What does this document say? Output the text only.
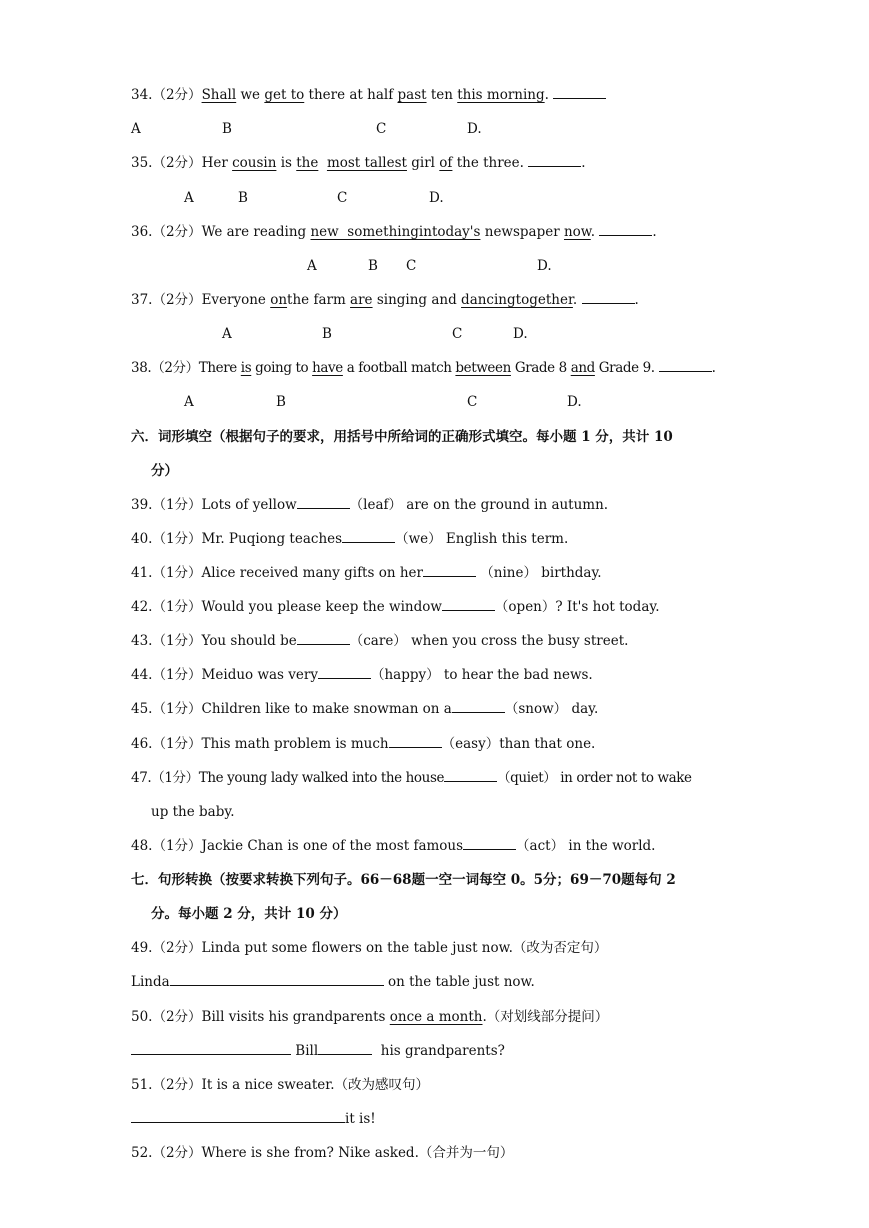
34.（2分）Shall we get to there at half past ten this morning.
A	B	C	D.
35.（2分）Her cousin is the most tallest girl of the three.	.
A	B	C	D.
36.（2分）We are reading new  somethingintoday's newspaper now.	.
A	B C	D.
37.（2分）Everyone onthe farm are singing and dancingtogether.	.
A	B	C	D.
38.（2分）There is going to have a football match between Grade 8 and Grade 9.	.
A	B	C	D.
六．词形填空（根据句子的要求，用括号中所给词的正确形式填空。每小题 1 分，共计 10
分）
39.（1分）Lots of yellow	（leaf） are on the ground in autumn.
40.（1分）Mr. Puqiong teaches	（we） English this term.
41.（1分）Alice received many gifts on her	（nine） birthday.
42.（1分）Would you please keep the window	（open）? It's hot today.
43.（1分）You should be	（care） when you cross the busy street.
44.（1分）Meiduo was very	（happy） to hear the bad news.
45.（1分）Children like to make snowman on a	（snow） day.
46.（1分）This math problem is much	（easy）than that one.
47.（1分）The young lady walked into the house	（quiet） in order not to wake
up the baby.
48.（1分）Jackie Chan is one of the most famous	（act） in the world.
七．句形转换（按要求转换下列句子。66－68题一空一词每空 0。5分；69－70题每句 2
分。每小题 2 分，共计 10 分）
49.（2分）Linda put some flowers on the table just now.（改为否定句）
Linda	on the table just now.
50.（2分）Bill visits his grandparents once a month.（对划线部分提问）
Bill	his grandparents?
51.（2分）It is a nice sweater.（改为感叹句）
it is!
52.（2分）Where is she from? Nike asked.（合并为一句）
